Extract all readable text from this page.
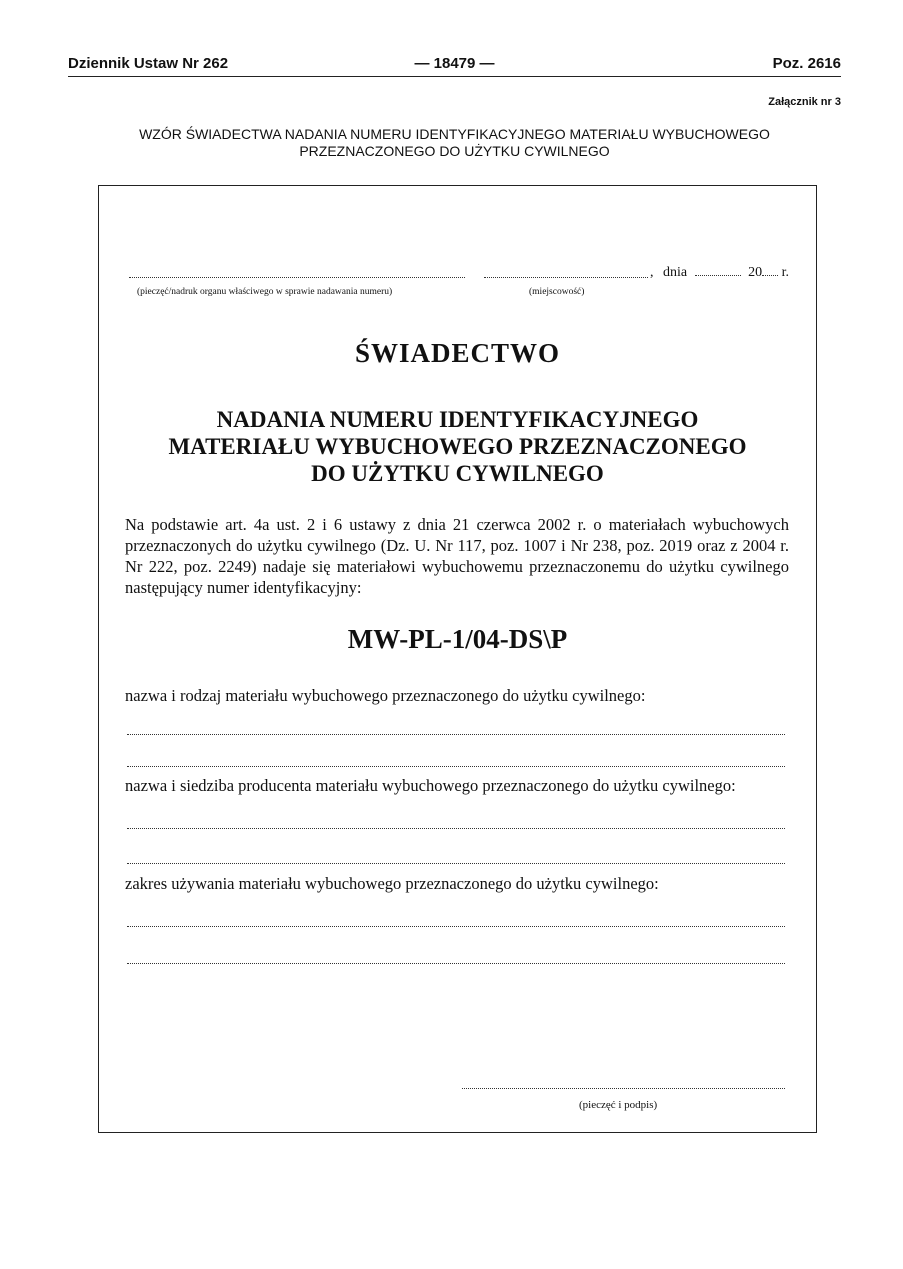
Dziennik Ustaw Nr 262	— 18479 —	Poz. 2616
Załącznik nr 3
WZÓR ŚWIADECTWA NADANIA NUMERU IDENTYFIKACYJNEGO MATERIAŁU WYBUCHOWEGO
PRZEZNACZONEGO DO UŻYTKU CYWILNEGO
(pieczęć/nadruk organu właściwego w sprawie nadawania numeru)
,
(miejscowość)
dnia	20 r.
ŚWIADECTWO
NADANIA NUMERU IDENTYFIKACYJNEGO
MATERIAŁU WYBUCHOWEGO PRZEZNACZONEGO
DO UŻYTKU CYWILNEGO
Na podstawie art. 4a ust. 2 i 6 ustawy z dnia 21 czerwca 2002 r. o materiałach wybuchowych przeznaczonych do użytku cywilnego (Dz. U. Nr 117, poz. 1007 i Nr 238, poz. 2019 oraz z 2004 r. Nr 222, poz. 2249) nadaje się materiałowi wybuchowemu przeznaczonemu do użytku cywilnego następujący numer identyfikacyjny:
MW-PL-1/04-DS\P
nazwa i rodzaj materiału wybuchowego przeznaczonego do użytku cywilnego:
nazwa i siedziba producenta materiału wybuchowego przeznaczonego do użytku cywilnego:
zakres używania materiału wybuchowego przeznaczonego do użytku cywilnego:
(pieczęć i podpis)
